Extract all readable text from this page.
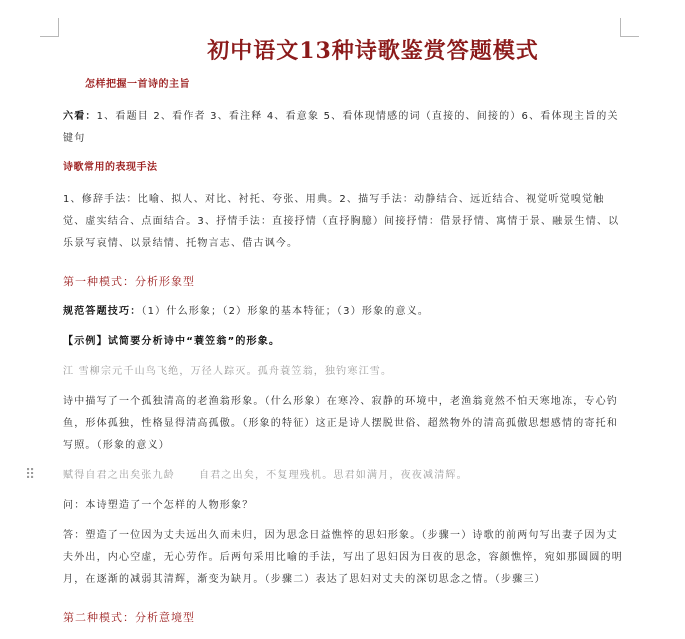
⠿
初中语文13种诗歌鉴赏答题模式
怎样把握一首诗的主旨
六看：1、看题目 2、看作者 3、看注释 4、看意象 5、看体现情感的词（直接的、间接的）6、看体现主旨的关键句
诗歌常用的表现手法
1、修辞手法：比喻、拟人、对比、衬托、夸张、用典。2、描写手法：动静结合、远近结合、视觉听觉嗅觉触觉、虚实结合、点面结合。3、抒情手法：直接抒情（直抒胸臆）间接抒情：借景抒情、寓情于景、融景生情、以乐景写哀情、以景结情、托物言志、借古讽今。
第一种模式：分析形象型
规范答题技巧：（1）什么形象；（2）形象的基本特征；（3）形象的意义。
【示例】试简要分析诗中“蓑笠翁”的形象。
江 雪柳宗元千山鸟飞绝，万径人踪灭。孤舟蓑笠翁，独钓寒江雪。
诗中描写了一个孤独清高的老渔翁形象。（什么形象）在寒冷、寂静的环境中，老渔翁竟然不怕天寒地冻，专心钓鱼，形体孤独，性格显得清高孤傲。（形象的特征）这正是诗人摆脱世俗、超然物外的清高孤傲思想感情的寄托和写照。（形象的意义）
赋得自君之出矣张九龄 自君之出矣，不复理残机。思君如满月，夜夜减清辉。
问：本诗塑造了一个怎样的人物形象？
答：塑造了一位因为丈夫远出久而未归，因为思念日益憔悴的思妇形象。（步骤一）诗歌的前两句写出妻子因为丈夫外出，内心空虚，无心劳作。后两句采用比喻的手法，写出了思妇因为日夜的思念，容颜憔悴，宛如那圆圆的明月，在逐渐的减弱其清辉，渐变为缺月。（步骤二）表达了思妇对丈夫的深切思念之情。（步骤三）
第二种模式：分析意境型
